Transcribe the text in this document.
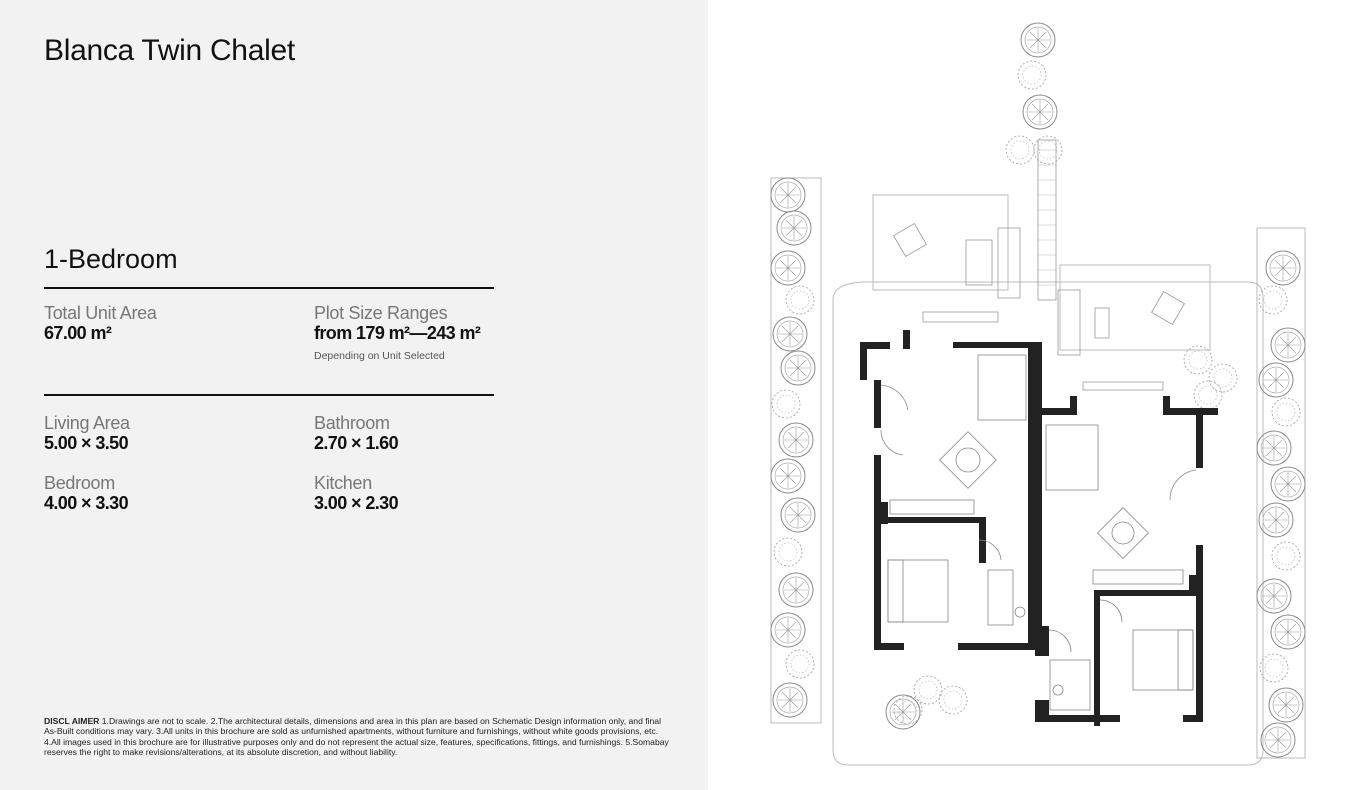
Blanca Twin Chalet
1-Bedroom
Total Unit Area
67.00 m²
Plot Size Ranges
from 179 m²—243 m²
Depending on Unit Selected
Living Area
5.00 × 3.50
Bathroom
2.70 × 1.60
Bedroom
4.00 × 3.30
Kitchen
3.00 × 2.30
DISCL AIMER 1.Drawings are not to scale. 2.The architectural details, dimensions and area in this plan are based on Schematic Design information only, and final As-Built conditions may vary. 3.All units in this brochure are sold as unfurnished apartments, without furniture and furnishings, without white goods provisions, etc. 4.All images used in this brochure are for illustrative purposes only and do not represent the actual size, features, specifications, fittings, and furnishings. 5.Somabay reserves the right to make revisions/alterations, at its absolute discretion, and without liability.
